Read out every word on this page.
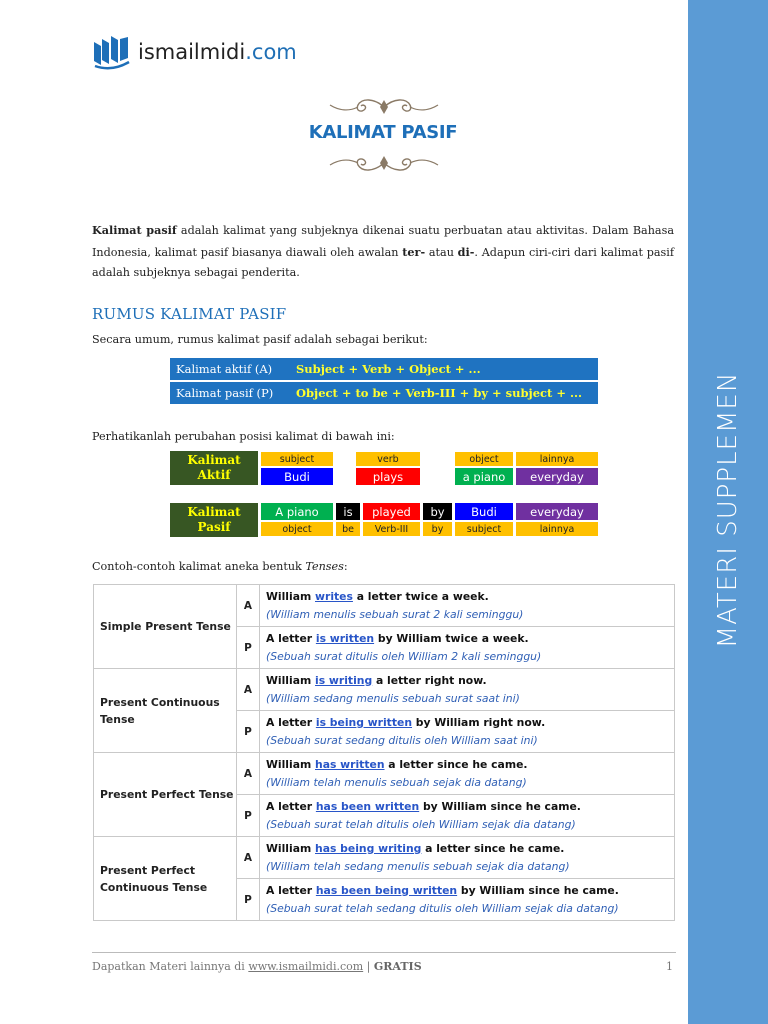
MATERI SUPPLEMEN
ismailmidi.com
KALIMAT PASIF
Kalimat pasif adalah kalimat yang subjeknya dikenai suatu perbuatan atau aktivitas. Dalam Bahasa Indonesia, kalimat pasif biasanya diawali oleh awalan ter- atau di-. Adapun ciri-ciri dari kalimat pasif adalah subjeknya sebagai penderita.
RUMUS KALIMAT PASIF
Secara umum, rumus kalimat pasif adalah sebagai berikut:
Kalimat aktif (A)	Subject + Verb + Object + ...
Kalimat pasif (P)	Object + to be + Verb-III + by + subject + ...
Perhatikanlah perubahan posisi kalimat di bawah ini:
Kalimat
Aktif
subject	verb	object	lainnya
Budi	plays	a piano	everyday
Kalimat
Pasif
A piano	is	played	by	Budi	everyday
object	be	Verb-III	by	subject	lainnya
Contoh-contoh kalimat aneka bentuk Tenses:
Simple Present Tense	A	William writes a letter twice a week.
(William menulis sebuah surat 2 kali seminggu)

	P	A letter is written by William twice a week.
(Sebuah surat ditulis oleh William 2 kali seminggu)

Present Continuous Tense	A	William is writing a letter right now.
(William sedang menulis sebuah surat saat ini)

	P	A letter is being written by William right now.
(Sebuah surat sedang ditulis oleh William saat ini)

Present Perfect Tense	A	William has written a letter since he came.
(William telah menulis sebuah sejak dia datang)

	P	A letter has been written by William since he came.
(Sebuah surat telah ditulis oleh William sejak dia datang)

Present Perfect Continuous Tense	A	William has being writing a letter since he came.
(William telah sedang menulis sebuah sejak dia datang)

	P	A letter has been being written by William since he came.
(Sebuah surat telah sedang ditulis oleh William sejak dia datang)
Dapatkan Materi lainnya di www.ismailmidi.com | GRATIS	1
